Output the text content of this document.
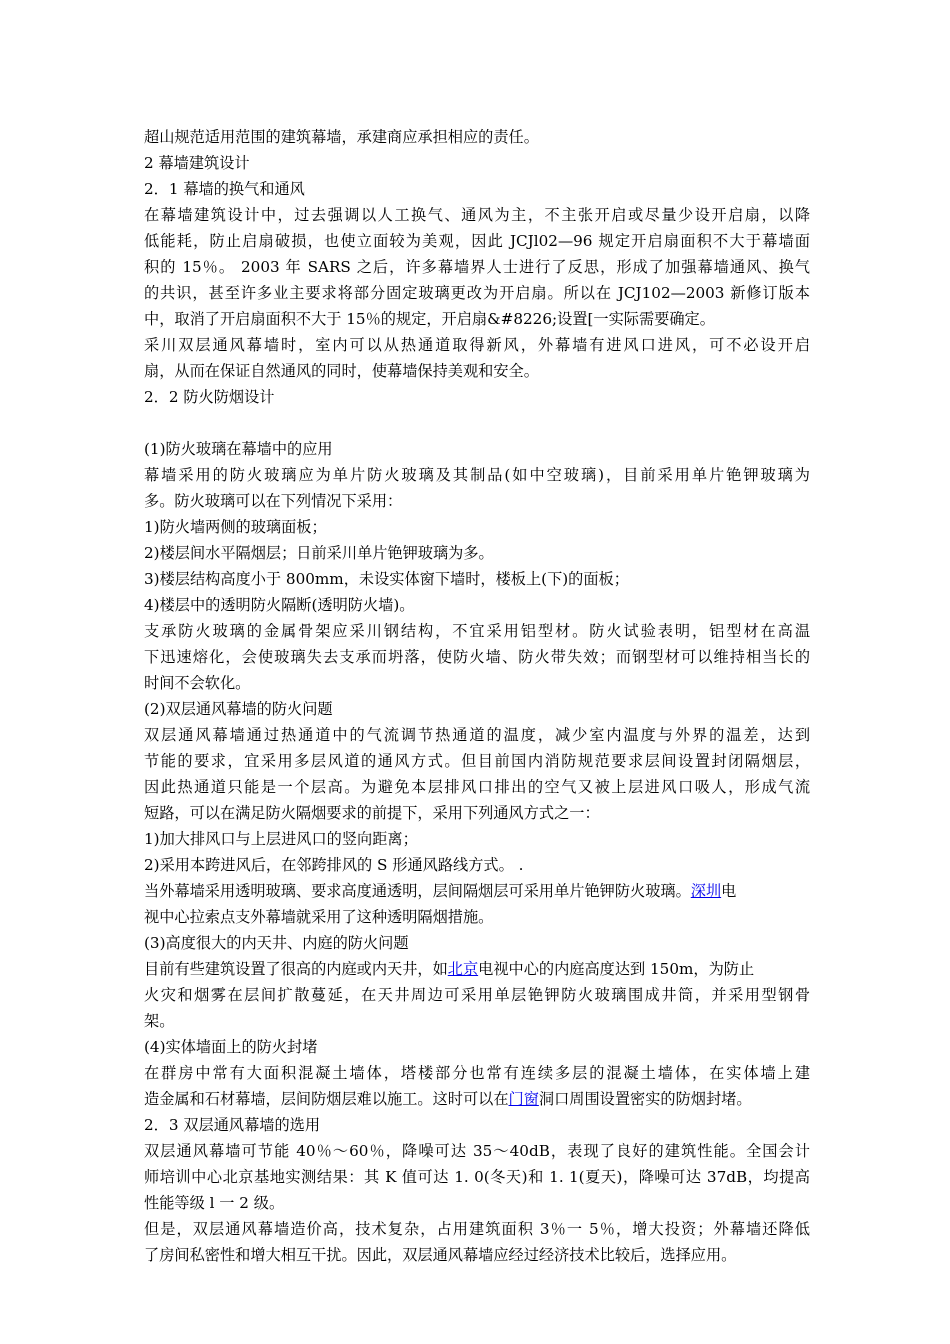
超山规范适用范围的建筑幕墙，承建商应承担相应的责任。
2 幕墙建筑设计
2．1 幕墙的换气和通风
在幕墙建筑设计中，过去强调以人工换气、通风为主，不主张开启或尽量少设开启扇，以降
低能耗，防止启扇破损，也使立面较为美观，因此 JCJl02—96 规定开启扇面积不大于幕墙面
积的 15％。 2003 年 SARS 之后，许多幕墙界人士进行了反思，形成了加强幕墙通风、换气
的共识，甚至许多业主要求将部分固定玻璃更改为开启扇。所以在 JCJ102—2003 新修订版本
中，取消了开启扇面积不大于 15％的规定，开启扇&#8226;设置[一实际需要确定。
采川双层通风幕墙时，室内可以从热通道取得新风，外幕墙有进风口进风，可不必设开启
扇，从而在保证自然通风的同时，使幕墙保持美观和安全。
2．2 防火防烟设计
(1)防火玻璃在幕墙中的应用
幕墙采用的防火玻璃应为单片防火玻璃及其制品(如中空玻璃)，目前采用单片铯钾玻璃为
多。防火玻璃可以在下列情况下采用：
1)防火墙两侧的玻璃面板；
2)楼层间水平隔烟层；日前采川单片铯钾玻璃为多。
3)楼层结构高度小于 800mm，未设实体窗下墙时，楼板上(下)的面板；
4)楼层中的透明防火隔断(透明防火墙)。
支承防火玻璃的金属骨架应采川钢结构，不宜采用铝型材。防火试验表明，铝型材在高温
下迅速熔化，会使玻璃失去支承而坍落，使防火墙、防火带失效；而钢型材可以维持相当长的
时间不会软化。
(2)双层通风幕墙的防火问题
双层通风幕墙通过热通道中的气流调节热通道的温度，减少室内温度与外界的温差，达到
节能的要求，宜采用多层风道的通风方式。但目前国内消防规范要求层间设置封闭隔烟层，
因此热通道只能是一个层高。为避免本层排风口排出的空气又被上层进风口吸人，形成气流
短路，可以在满足防火隔烟要求的前提下，采用下列通风方式之一：
1)加大排风口与上层进风口的竖向距离；
2)采用本跨进风后，在邻跨排风的 S 形通风路线方式。 .
当外幕墙采用透明玻璃、要求高度通透明，层间隔烟层可采用单片铯钾防火玻璃。深圳电
视中心拉索点支外幕墙就采用了这种透明隔烟措施。
(3)高度很大的内天井、内庭的防火问题
目前有些建筑设置了很高的内庭或内天井，如北京电视中心的内庭高度达到 150m，为防止
火灾和烟雾在层间扩散蔓延，在天井周边可采用单层铯钾防火玻璃围成井筒，并采用型钢骨
架。
(4)实体墙面上的防火封堵
在群房中常有大面积混凝土墙体，塔楼部分也常有连续多层的混凝土墙体，在实体墙上建
造金属和石材幕墙，层间防烟层难以施工。这时可以在门窗洞口周围设置密实的防烟封堵。
2．3 双层通风幕墙的选用
双层通风幕墙可节能 40％～60％，降噪可达 35～40dB，表现了良好的建筑性能。全国会计
师培训中心北京基地实测结果：其 K 值可达 1. 0(冬天)和 1. 1(夏天)，降噪可达 37dB，均提高
性能等级 l 一 2 级。
但是，双层通风幕墙造价高，技术复杂，占用建筑面积 3％一 5％，增大投资；外幕墙还降低
了房间私密性和增大相互干扰。因此，双层通风幕墙应经过经济技术比较后，选择应用。
